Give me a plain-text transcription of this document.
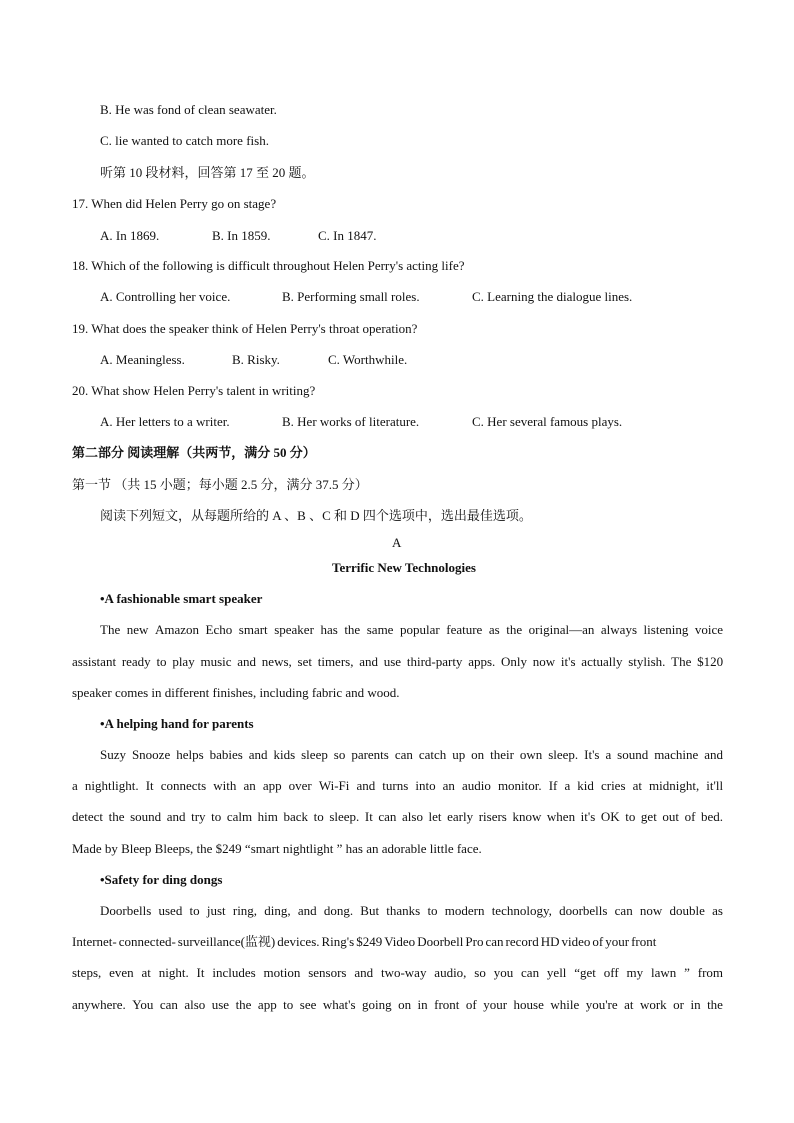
B. He was fond of clean seawater.
C. lie wanted to catch more fish.
听第 10 段材料，回答第 17 至 20 题。
17. When did Helen Perry go on stage?
A. In 1869.	B. In 1859.	C. In 1847.
18. Which of the following is difficult throughout Helen Perry's acting life?
A. Controlling her voice.	B. Performing small roles.	C. Learning the dialogue lines.
19. What does the speaker think of Helen Perry's throat operation?
A. Meaningless.	B. Risky.	C. Worthwhile.
20. What show Helen Perry's talent in writing?
A. Her letters to a writer.	B. Her works of literature.	C. Her several famous plays.
第二部分 阅读理解（共两节，满分 50 分）
第一节 （共 15 小题；每小题 2.5 分，满分 37.5 分）
阅读下列短文，从每题所给的 A 、B 、C 和 D 四个选项中，选出最佳选项。
A
Terrific New Technologies
•A fashionable smart speaker
The new Amazon Echo smart speaker has the same popular feature as the original—an always listening voice
assistant ready to play music and news, set timers, and use third-party apps. Only now it's actually stylish. The $120
speaker comes in different finishes, including fabric and wood.
•A helping hand for parents
Suzy Snooze helps babies and kids sleep so parents can catch up on their own sleep. It's a sound machine and
a nightlight. It connects with an app over Wi-Fi and turns into an audio monitor. If a kid cries at midnight, it'll
detect the sound and try to calm him back to sleep. It can also let early risers know when it's OK to get out of bed.
Made by Bleep Bleeps, the $249 “smart nightlight ” has an adorable little face.
•Safety for ding dongs
Doorbells used to just ring, ding, and dong. But thanks to modern technology, doorbells can now double as
Internet- connected- surveillance(监视) devices. Ring's $249 Video Doorbell Pro can record HD video of your front
steps, even at night. It includes motion sensors and two-way audio, so you can yell “get off my lawn ” from
anywhere. You can also use the app to see what's going on in front of your house while you're at work or in the
